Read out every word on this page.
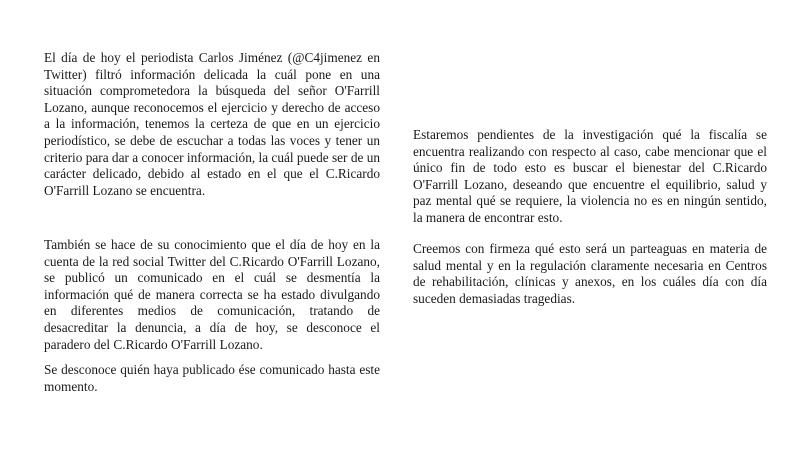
El día de hoy el periodista Carlos Jiménez (@C4jimenez en Twitter) filtró información delicada la cuál pone en una situación comprometedora la búsqueda del señor O'Farrill Lozano, aunque reconocemos el ejercicio y derecho de acceso a la información, tenemos la certeza de que en un ejercicio periodístico, se debe de escuchar a todas las voces y tener un criterio para dar a conocer información, la cuál puede ser de un carácter delicado, debido al estado en el que el C.Ricardo O'Farrill Lozano se encuentra.

También se hace de su conocimiento que el día de hoy en la cuenta de la red social Twitter del C.Ricardo O'Farrill Lozano, se publicó un comunicado en el cuál se desmentía la información qué de manera correcta se ha estado divulgando en diferentes medios de comunicación, tratando de desacreditar la denuncia, a día de hoy, se desconoce el paradero del C.Ricardo O'Farrill Lozano.

Se desconoce quién haya publicado ése comunicado hasta este momento.

Estaremos pendientes de la investigación qué la fiscalía se encuentra realizando con respecto al caso, cabe mencionar que el único fin de todo esto es buscar el bienestar del C.Ricardo O'Farrill Lozano, deseando que encuentre el equilibrio, salud y paz mental qué se requiere, la violencia no es en ningún sentido, la manera de encontrar esto.

Creemos con firmeza qué esto será un parteaguas en materia de salud mental y en la regulación claramente necesaria en Centros de rehabilitación, clínicas y anexos, en los cuáles día con día suceden demasiadas tragedias.
